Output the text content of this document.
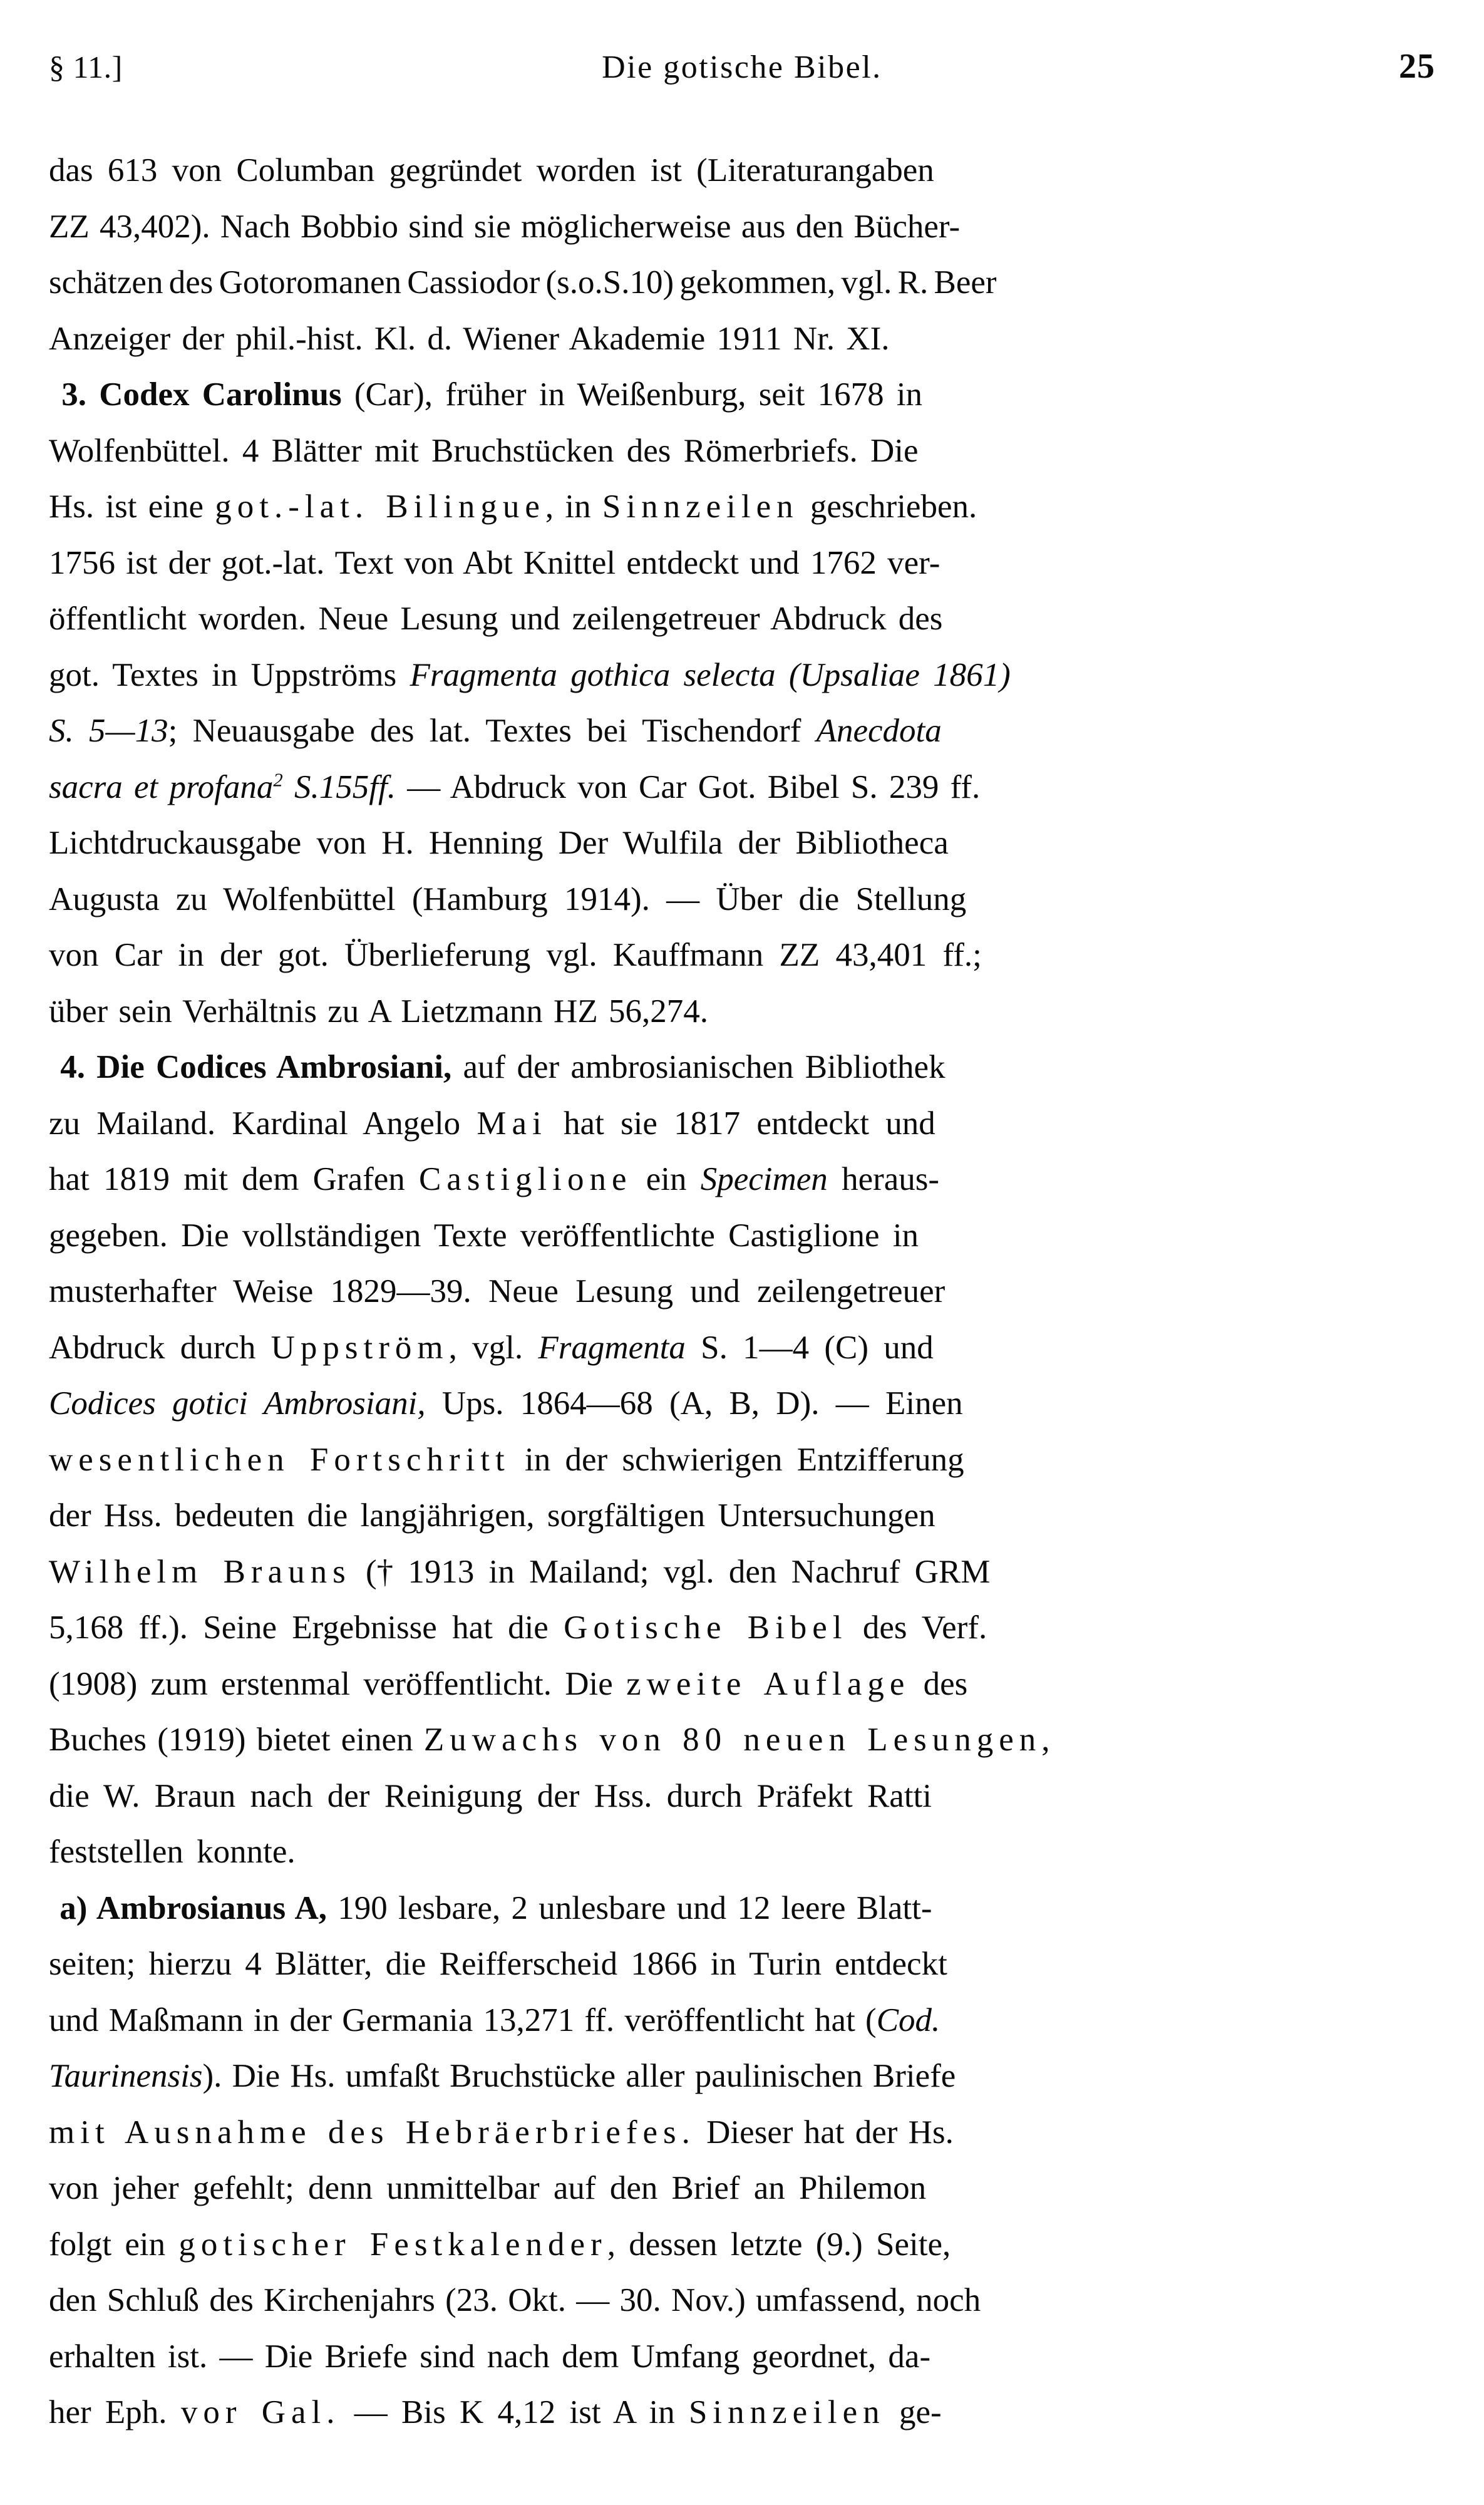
§ 11.]	Die gotische Bibel.	25
das 613 von Columban gegründet worden ist (Literaturangaben
ZZ 43,402). Nach Bobbio sind sie möglicherweise aus den Bücher-
schätzen des Gotoromanen Cassiodor (s.o.S.10) gekommen, vgl. R. Beer
Anzeiger der phil.-hist. Kl. d. Wiener Akademie 1911 Nr. XI.
3. Codex Carolinus (Car), früher in Weißenburg, seit 1678 in
Wolfenbüttel. 4 Blätter mit Bruchstücken des Römerbriefs. Die
Hs. ist eine got.-lat. Bilingue, in Sinnzeilen geschrieben.
1756 ist der got.-lat. Text von Abt Knittel entdeckt und 1762 ver-
öffentlicht worden. Neue Lesung und zeilengetreuer Abdruck des
got. Textes in Uppströms Fragmenta gothica selecta (Upsaliae 1861)
S. 5—13; Neuausgabe des lat. Textes bei Tischendorf Anecdota
sacra et profana$^2$ S.155ff. — Abdruck von Car Got. Bibel S. 239 ff.
Lichtdruckausgabe von H. Henning Der Wulfila der Bibliotheca
Augusta zu Wolfenbüttel (Hamburg 1914). — Über die Stellung
von Car in der got. Überlieferung vgl. Kauffmann ZZ 43,401 ff.;
über sein Verhältnis zu A Lietzmann HZ 56,274.
4. Die Codices Ambrosiani, auf der ambrosianischen Bibliothek
zu Mailand. Kardinal Angelo Mai hat sie 1817 entdeckt und
hat 1819 mit dem Grafen Castiglione ein Specimen heraus-
gegeben. Die vollständigen Texte veröffentlichte Castiglione in
musterhafter Weise 1829—39. Neue Lesung und zeilengetreuer
Abdruck durch Uppström, vgl. Fragmenta S. 1—4 (C) und
Codices gotici Ambrosiani, Ups. 1864—68 (A, B, D). — Einen
wesentlichen Fortschritt in der schwierigen Entzifferung
der Hss. bedeuten die langjährigen, sorgfältigen Untersuchungen
Wilhelm Brauns († 1913 in Mailand; vgl. den Nachruf GRM
5,168 ff.). Seine Ergebnisse hat die Gotische Bibel des Verf.
(1908) zum erstenmal veröffentlicht. Die zweite Auflage des
Buches (1919) bietet einen Zuwachs von 80 neuen Lesungen,
die W. Braun nach der Reinigung der Hss. durch Präfekt Ratti
feststellen konnte.
a) Ambrosianus A, 190 lesbare, 2 unlesbare und 12 leere Blatt-
seiten; hierzu 4 Blätter, die Reifferscheid 1866 in Turin entdeckt
und Maßmann in der Germania 13,271 ff. veröffentlicht hat (Cod.
Taurinensis). Die Hs. umfaßt Bruchstücke aller paulinischen Briefe
mit Ausnahme des Hebräerbriefes. Dieser hat der Hs.
von jeher gefehlt; denn unmittelbar auf den Brief an Philemon
folgt ein gotischer Festkalender, dessen letzte (9.) Seite,
den Schluß des Kirchenjahrs (23. Okt. — 30. Nov.) umfassend, noch
erhalten ist. — Die Briefe sind nach dem Umfang geordnet, da-
her Eph. vor Gal. — Bis K 4,12 ist A in Sinnzeilen ge-
